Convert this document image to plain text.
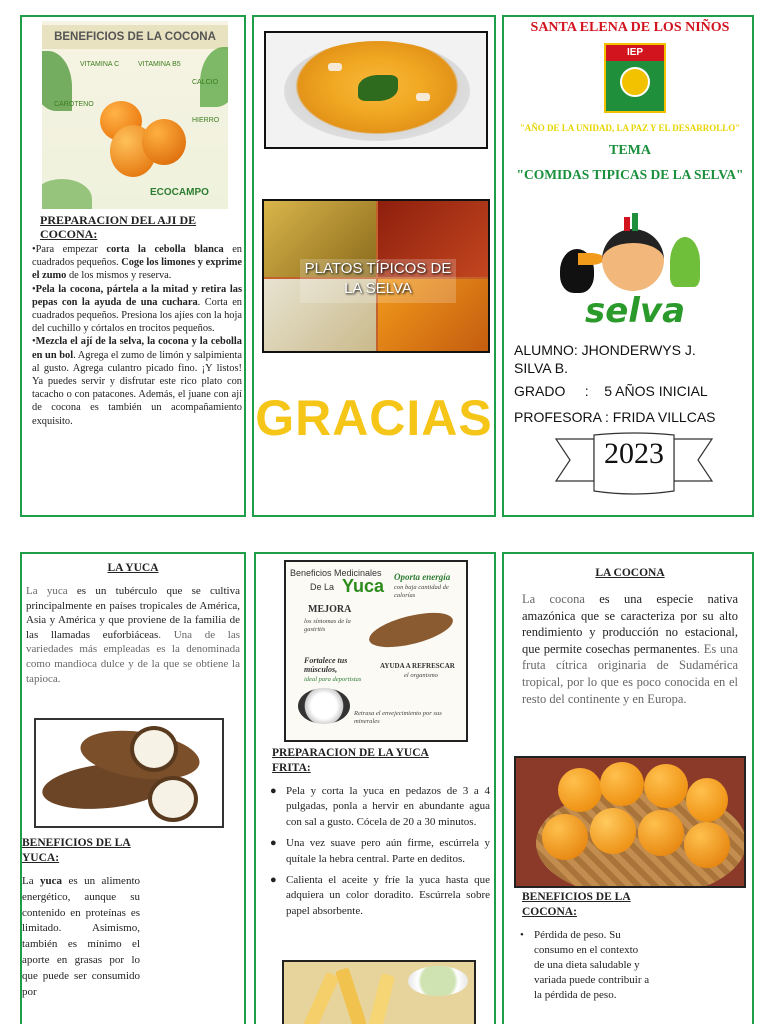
BENEFICIOS DE LA COCONA
VITAMINA C	VITAMINA B5
CALCIO
CAROTENO
HIERRO
ECOCAMPO
PREPARACION DEL AJI DE COCONA:

•Para empezar corta la cebolla blanca en cuadrados pequeños. Coge los limones y exprime el zumo de los mismos y reserva.

•Pela la cocona, pártela a la mitad y retira las pepas con la ayuda de una cuchara. Corta en cuadrados pequeños. Presiona los ajíes con la hoja del cuchillo y córtalos en trocitos pequeños.

•Mezcla el ají de la selva, la cocona y la cebolla en un bol. Agrega el zumo de limón y salpimienta al gusto. Agrega culantro picado fino. ¡Y listos! Ya puedes servir y disfrutar este rico plato con tacacho o con patacones. Además, el juane con ají de cocona es también un acompañamiento exquisito.

PLATOS TÍPICOS DE LA SELVA
GRACIAS
SANTA ELENA DE LOS NIÑOS
IEP
"AÑO DE LA UNIDAD, LA PAZ Y EL DESARROLLO"
TEMA
"COMIDAS TIPICAS DE LA SELVA"
selva
ALUMNO: JHONDERWYS J. SILVA B.
GRADO     :    5 AÑOS INICIAL
PROFESORA : FRIDA VILLCAS
2023
LA YUCA
La yuca es un tubérculo que se cultiva principalmente en países tropicales de América, Asia y América y que proviene de la familia de las llamadas euforbiáceas. Una de las variedades más empleadas es la denominada como mandioca dulce y de la que se obtiene la tapioca.
BENEFICIOS DE LA YUCA:
La yuca es un alimento energético, aunque su contenido en proteínas es limitado. Asimismo, también es mínimo el aporte en grasas por lo que puede ser consumido por
Beneficios Medicinales
De La Yuca Oporta energía
con baja cantidad de calorías
MEJORA
los síntomas de la gastritis
Fortalece tus músculos,
ideal para deportistas
AYUDA A REFRESCAR
el organismo
Retrasa el envejecimiento por sus minerales
PREPARACION DE LA YUCA FRITA:
● Pela y corta la yuca en pedazos de 3 a 4 pulgadas, ponla a hervir en abundante agua con sal a gusto. Cócela de 20 a 30 minutos.
● Una vez suave pero aún firme, escúrrela y quítale la hebra central. Parte en deditos.
● Calienta el aceite y fríe la yuca hasta que adquiera un color doradito. Escúrrela sobre papel absorbente.
LA COCONA
La cocona es una especie nativa amazónica que se caracteriza por su alto rendimiento y producción no estacional, que permite cosechas permanentes. Es una fruta cítrica originaria de Sudamérica tropical, por lo que es poco conocida en el resto del continente y en Europa.
BENEFICIOS DE LA COCONA:
• Pérdida de peso. Su consumo en el contexto de una dieta saludable y variada puede contribuir a la pérdida de peso.
